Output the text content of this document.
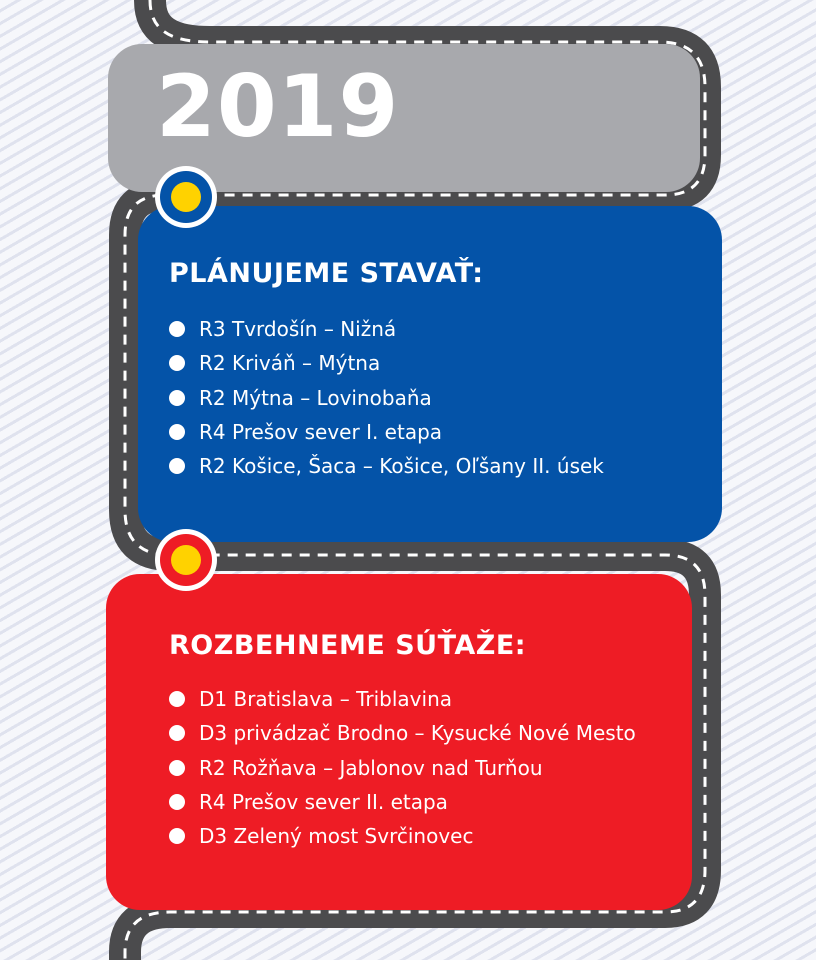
2019
PLÁNUJEME STAVAŤ:
R3 Tvrdošín – Nižná
R2 Kriváň – Mýtna
R2 Mýtna – Lovinobaňa
R4 Prešov sever I. etapa
R2 Košice, Šaca – Košice, Oľšany II. úsek
ROZBEHNEME SÚŤAŽE:
D1 Bratislava – Triblavina
D3 privádzač Brodno – Kysucké Nové Mesto
R2 Rožňava – Jablonov nad Turňou
R4 Prešov sever II. etapa
D3 Zelený most Svrčinovec
